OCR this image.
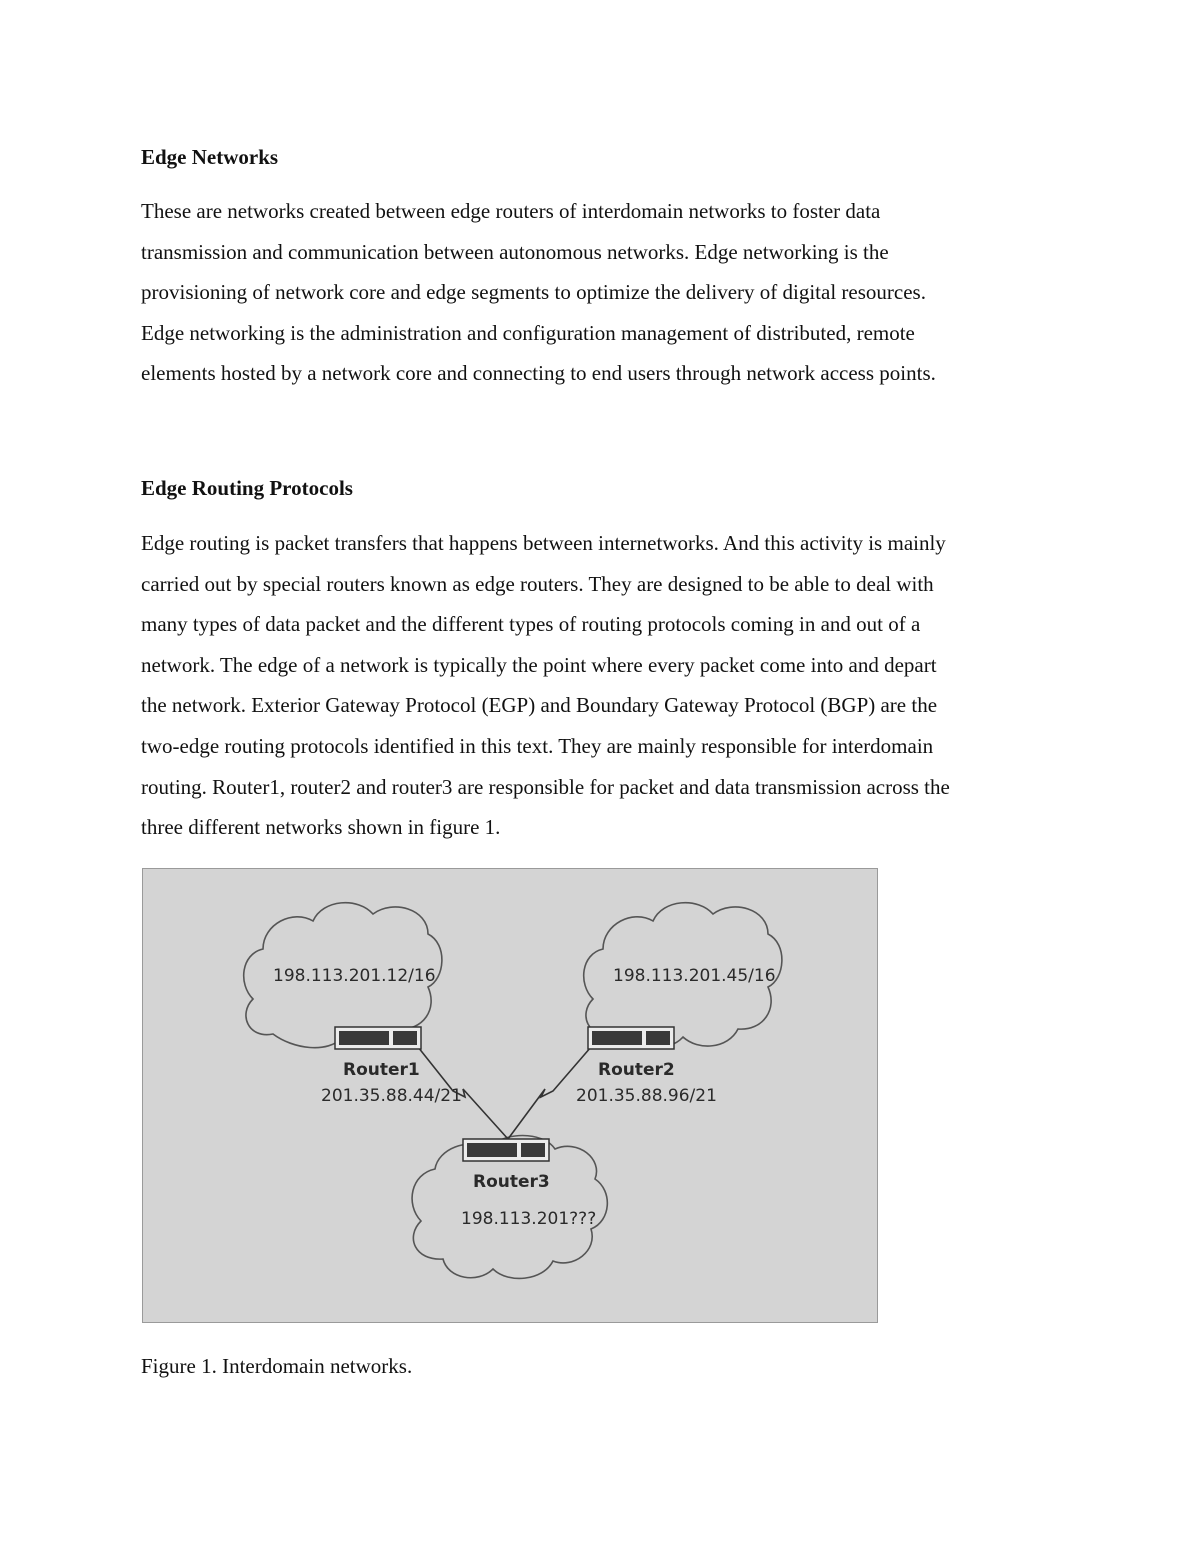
Edge Networks

These are networks created between edge routers of interdomain networks to foster data
transmission and communication between autonomous networks. Edge networking is the
provisioning of network core and edge segments to optimize the delivery of digital resources.
Edge networking is the administration and configuration management of distributed, remote
elements hosted by a network core and connecting to end users through network access points.

Edge Routing Protocols

Edge routing is packet transfers that happens between internetworks. And this activity is mainly
carried out by special routers known as edge routers. They are designed to be able to deal with
many types of data packet and the different types of routing protocols coming in and out of a
network. The edge of a network is typically the point where every packet come into and depart
the network. Exterior Gateway Protocol (EGP) and Boundary Gateway Protocol (BGP) are the
two-edge routing protocols identified in this text. They are mainly responsible for interdomain
routing. Router1, router2 and router3 are responsible for packet and data transmission across the
three different networks shown in figure 1.

198.113.201.12/16	198.113.201.45/16
198.113.201???
Router1
201.35.88.44/21
Router2
201.35.88.96/21
Router3

Figure 1. Interdomain networks.
